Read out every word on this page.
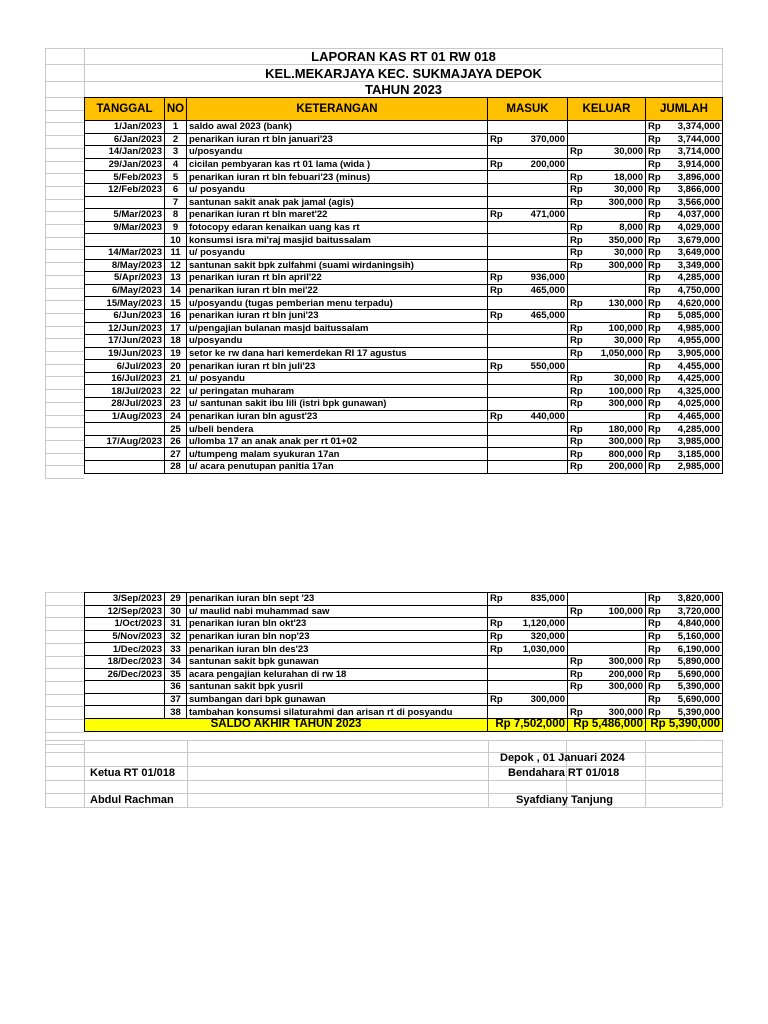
LAPORAN KAS RT 01 RW 018
KEL.MEKARJAYA KEC. SUKMAJAYA DEPOK
TAHUN 2023
TANGGAL	NO	KETERANGAN	MASUK	KELUAR	JUMLAH
1/Jan/2023	1	saldo awal 2023 (bank)			Rp 3,374,000

6/Jan/2023	2	penarikan iuran rt bln januari'23	Rp 370,000		Rp 3,744,000

14/Jan/2023	3	u/posyandu		Rp 30,000	Rp 3,714,000

29/Jan/2023	4	cicilan pembyaran kas rt 01 lama (wida )	Rp 200,000		Rp 3,914,000

5/Feb/2023	5	penarikan iuran rt bln febuari'23 (minus)		Rp 18,000	Rp 3,896,000

12/Feb/2023	6	u/ posyandu		Rp 30,000	Rp 3,866,000

	7	santunan sakit anak pak jamal (agis)		Rp 300,000	Rp 3,566,000

5/Mar/2023	8	penarikan iuran rt bln maret'22	Rp 471,000		Rp 4,037,000

9/Mar/2023	9	fotocopy edaran kenaikan uang kas rt		Rp 8,000	Rp 4,029,000

	10	konsumsi isra mi'raj masjid baitussalam		Rp 350,000	Rp 3,679,000

14/Mar/2023	11	u/ posyandu		Rp 30,000	Rp 3,649,000

8/May/2023	12	santunan sakit bpk zulfahmi (suami wirdaningsih)		Rp 300,000	Rp 3,349,000

5/Apr/2023	13	penarikan iuran rt bln april'22	Rp 936,000		Rp 4,285,000

6/May/2023	14	penarikan iuran rt bln mei'22	Rp 465,000		Rp 4,750,000

15/May/2023	15	u/posyandu (tugas pemberian menu terpadu)		Rp 130,000	Rp 4,620,000

6/Jun/2023	16	penarikan iuran rt bln juni'23	Rp 465,000		Rp 5,085,000

12/Jun/2023	17	u/pengajian bulanan masjd baitussalam		Rp 100,000	Rp 4,985,000

17/Jun/2023	18	u/posyandu		Rp 30,000	Rp 4,955,000

19/Jun/2023	19	setor ke rw dana hari kemerdekan RI 17 agustus		Rp 1,050,000	Rp 3,905,000

6/Jul/2023	20	penarikan iuran rt bln juli'23	Rp 550,000		Rp 4,455,000

16/Jul/2023	21	u/ posyandu		Rp 30,000	Rp 4,425,000

18/Jul/2023	22	u/ peringatan muharam		Rp 100,000	Rp 4,325,000

28/Jul/2023	23	u/ santunan sakit ibu lili (istri bpk gunawan)		Rp 300,000	Rp 4,025,000

1/Aug/2023	24	penarikan iuran bln agust'23	Rp 440,000		Rp 4,465,000

	25	u/beli bendera		Rp 180,000	Rp 4,285,000

17/Aug/2023	26	u/lomba 17 an anak anak per rt 01+02		Rp 300,000	Rp 3,985,000

	27	u/tumpeng malam syukuran 17an		Rp 800,000	Rp 3,185,000

	28	u/ acara penutupan panitia 17an		Rp 200,000	Rp 2,985,000
3/Sep/2023	29	penarikan iuran bln sept '23	Rp 835,000		Rp 3,820,000

12/Sep/2023	30	u/ maulid nabi muhammad saw		Rp 100,000	Rp 3,720,000

1/Oct/2023	31	penarikan iuran bln okt'23	Rp 1,120,000		Rp 4,840,000

5/Nov/2023	32	penarikan iuran bln nop'23	Rp 320,000		Rp 5,160,000

1/Dec/2023	33	penarikan iuran bln des'23	Rp 1,030,000		Rp 6,190,000

18/Dec/2023	34	santunan sakit bpk gunawan		Rp 300,000	Rp 5,890,000

26/Dec/2023	35	acara pengajian kelurahan di rw 18		Rp 200,000	Rp 5,690,000

	36	santunan sakit bpk yusril		Rp 300,000	Rp 5,390,000

	37	sumbangan dari bpk gunawan	Rp 300,000		Rp 5,690,000

	38	tambahan konsumsi silaturahmi dan arisan rt di posyandu		Rp 300,000	Rp 5,390,000

SALDO AKHIR TAHUN 2023			Rp 7,502,000	Rp 5,486,000	Rp 5,390,000
Depok , 01 Januari 2024
Ketua RT 01/018	Bendahara RT 01/018
Abdul Rachman	Syafdiany Tanjung
